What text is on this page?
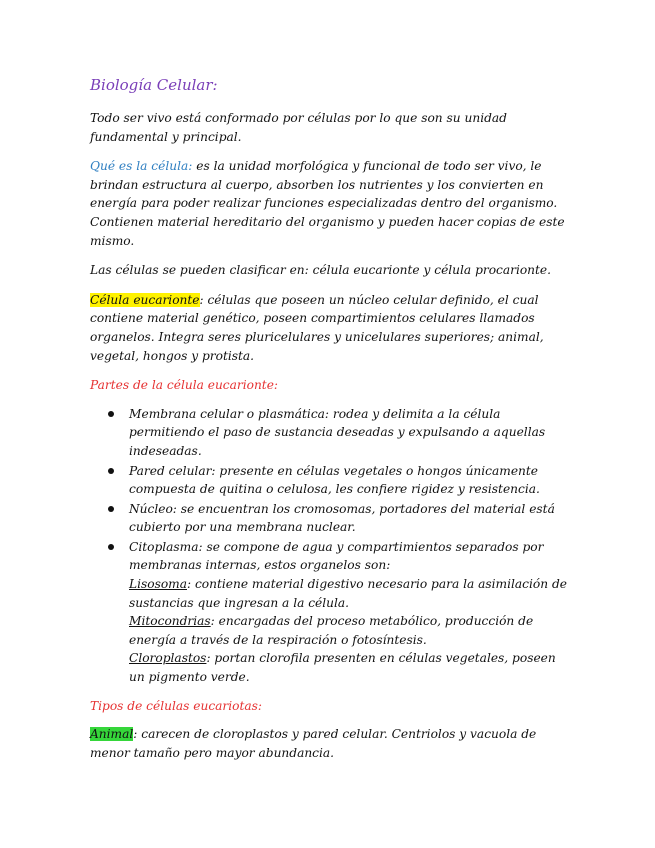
Biología Celular:

Todo ser vivo está conformado por células por lo que son su unidad fundamental y principal.

Qué es la célula: es la unidad morfológica y funcional de todo ser vivo, le brindan estructura al cuerpo, absorben los nutrientes y los convierten en energía para poder realizar funciones especializadas dentro del organismo. Contienen material hereditario del organismo y pueden hacer copias de este mismo.

Las células se pueden clasificar en: célula eucarionte y célula procarionte.

Célula eucarionte: células que poseen un núcleo celular definido, el cual contiene material genético, poseen compartimientos celulares llamados organelos. Integra seres pluricelulares y unicelulares superiores; animal, vegetal, hongos y protista.

Partes de la célula eucarionte:
Membrana celular o plasmática: rodea y delimita a la célula permitiendo el paso de sustancia deseadas y expulsando a aquellas indeseadas.
Pared celular: presente en células vegetales o hongos únicamente compuesta de quitina o celulosa, les confiere rigidez y resistencia.
Núcleo: se encuentran los cromosomas, portadores del material está cubierto por una membrana nuclear.
Citoplasma: se compone de agua y compartimientos separados por membranas internas, estos organelos son:
Lisosoma: contiene material digestivo necesario para la asimilación de sustancias que ingresan a la célula.
Mitocondrias: encargadas del proceso metabólico, producción de energía a través de la respiración o fotosíntesis.
Cloroplastos: portan clorofila presenten en células vegetales, poseen un pigmento verde.
Tipos de células eucariotas:

Animal: carecen de cloroplastos y pared celular. Centriolos y vacuola de menor tamaño pero mayor abundancia.
